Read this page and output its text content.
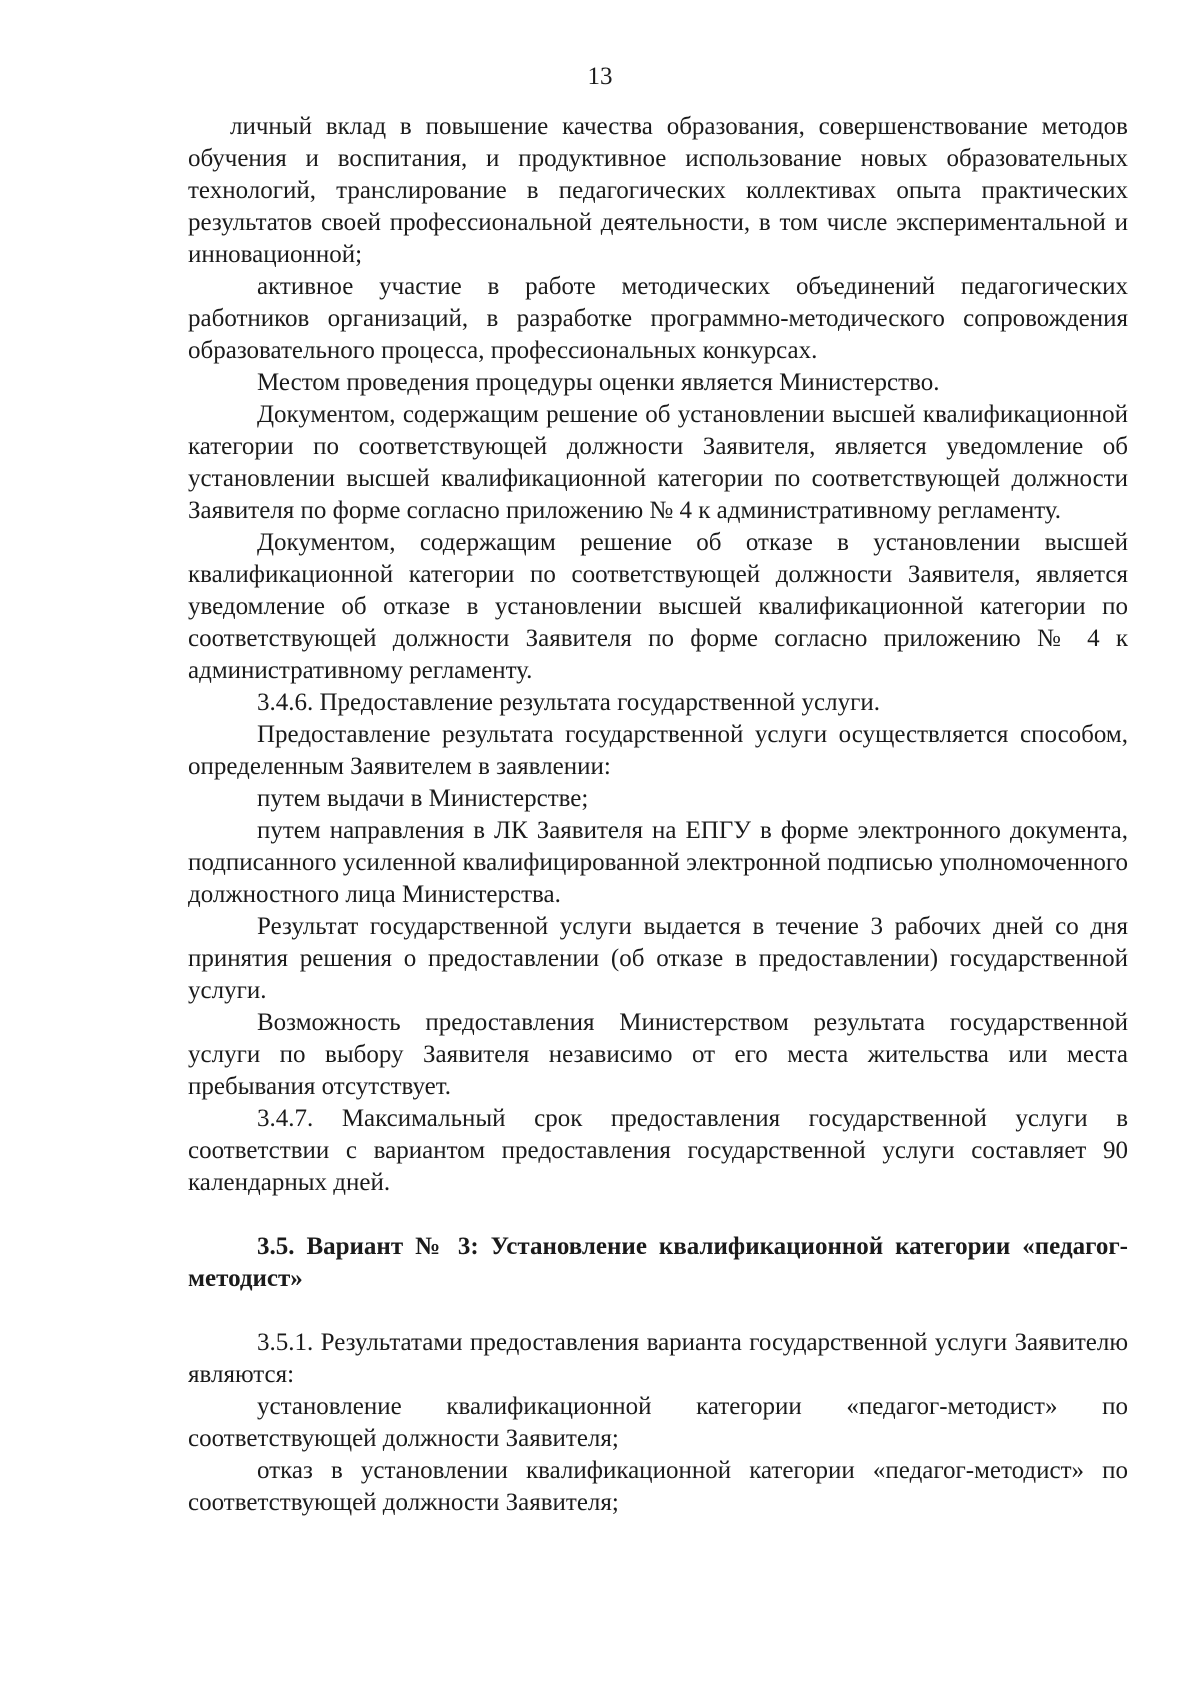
13

личный вклад в повышение качества образования, совершенствование методов обучения и воспитания, и продуктивное использование новых образовательных технологий, транслирование в педагогических коллективах опыта практических результатов своей профессиональной деятельности, в том числе экспериментальной и инновационной;

активное участие в работе методических объединений педагогических работников организаций, в разработке программно-методического сопровождения образовательного процесса, профессиональных конкурсах.

Местом проведения процедуры оценки является Министерство.

Документом, содержащим решение об установлении высшей квалификационной категории по соответствующей должности Заявителя, является уведомление об установлении высшей квалификационной категории по соответствующей должности Заявителя по форме согласно приложению № 4 к административному регламенту.

Документом, содержащим решение об отказе в установлении высшей квалификационной категории по соответствующей должности Заявителя, является уведомление об отказе в установлении высшей квалификационной категории по соответствующей должности Заявителя по форме согласно приложению № 4 к административному регламенту.

3.4.6. Предоставление результата государственной услуги.

Предоставление результата государственной услуги осуществляется способом, определенным Заявителем в заявлении:

путем выдачи в Министерстве;

путем направления в ЛК Заявителя на ЕПГУ в форме электронного документа, подписанного усиленной квалифицированной электронной подписью уполномоченного должностного лица Министерства.

Результат государственной услуги выдается в течение 3 рабочих дней со дня принятия решения о предоставлении (об отказе в предоставлении) государственной услуги.

Возможность предоставления Министерством результата государственной услуги по выбору Заявителя независимо от его места жительства или места пребывания отсутствует.

3.4.7. Максимальный срок предоставления государственной услуги в соответствии с вариантом предоставления государственной услуги составляет 90 календарных дней.

3.5. Вариант № 3: Установление квалификационной категории «педагог-методист»

3.5.1. Результатами предоставления варианта государственной услуги Заявителю являются:

установление квалификационной категории «педагог-методист» по соответствующей должности Заявителя;

отказ в установлении квалификационной категории «педагог-методист» по соответствующей должности Заявителя;
